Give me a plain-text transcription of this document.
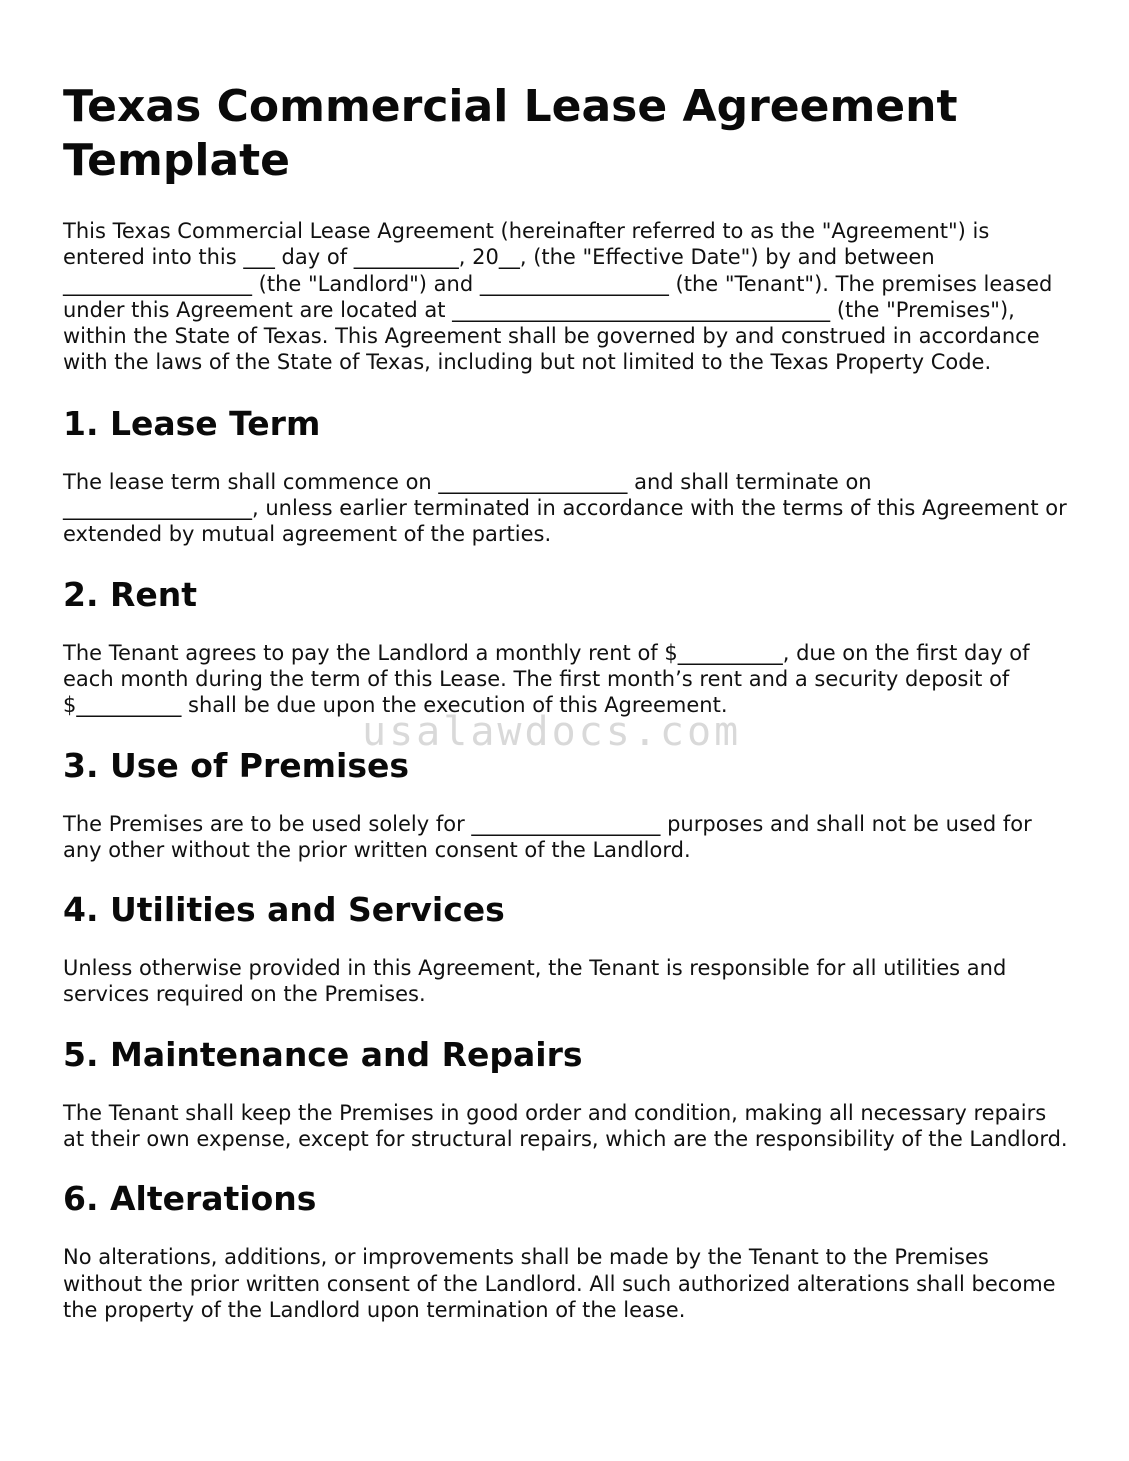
Texas Commercial Lease Agreement Template

This Texas Commercial Lease Agreement (hereinafter referred to as the "Agreement") is entered into this ___ day of __________, 20__, (the "Effective Date") by and between __________________ (the "Landlord") and __________________ (the "Tenant"). The premises leased under this Agreement are located at ____________________________________ (the "Premises"), within the State of Texas. This Agreement shall be governed by and construed in accordance with the laws of the State of Texas, including but not limited to the Texas Property Code.

1. Lease Term

The lease term shall commence on __________________ and shall terminate on __________________, unless earlier terminated in accordance with the terms of this Agreement or extended by mutual agreement of the parties.

2. Rent

The Tenant agrees to pay the Landlord a monthly rent of $__________, due on the first day of each month during the term of this Lease. The first month’s rent and a security deposit of $__________ shall be due upon the execution of this Agreement.

3. Use of Premises

The Premises are to be used solely for __________________ purposes and shall not be used for any other without the prior written consent of the Landlord.

4. Utilities and Services

Unless otherwise provided in this Agreement, the Tenant is responsible for all utilities and services required on the Premises.

5. Maintenance and Repairs

The Tenant shall keep the Premises in good order and condition, making all necessary repairs at their own expense, except for structural repairs, which are the responsibility of the Landlord.

6. Alterations

No alterations, additions, or improvements shall be made by the Tenant to the Premises without the prior written consent of the Landlord. All such authorized alterations shall become the property of the Landlord upon termination of the lease.

usalawdocs.com
